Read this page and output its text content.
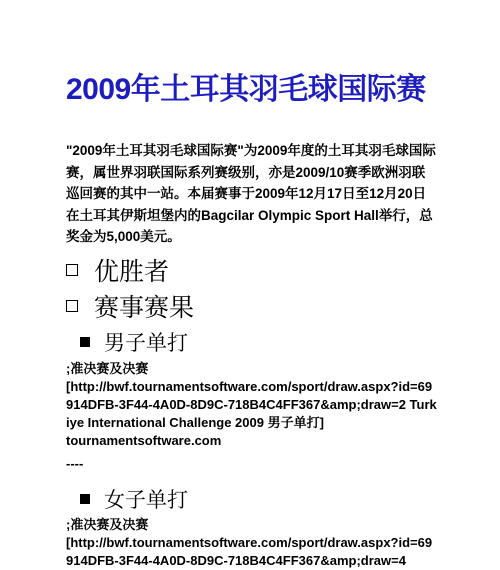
2009年土耳其羽毛球国际赛
"2009年土耳其羽毛球国际赛"为2009年度的土耳其羽毛球国际赛，属世界羽联国际系列赛级别，亦是2009/10赛季欧洲羽联巡回赛的其中一站。本届赛事于2009年12月17日至12月20日在土耳其伊斯坦堡内的Bagcilar Olympic Sport Hall举行，总奖金为5,000美元。
优胜者
赛事赛果
男子单打
;准决赛及决赛
[http://bwf.tournamentsoftware.com/sport/draw.aspx?id=69914DFB-3F44-4A0D-8D9C-718B4C4FF367&amp;draw=2 Turkiye International Challenge 2009 男子单打]
tournamentsoftware.com
----
女子单打
;准决赛及决赛
[http://bwf.tournamentsoftware.com/sport/draw.aspx?id=69914DFB-3F44-4A0D-8D9C-718B4C4FF367&amp;draw=4
